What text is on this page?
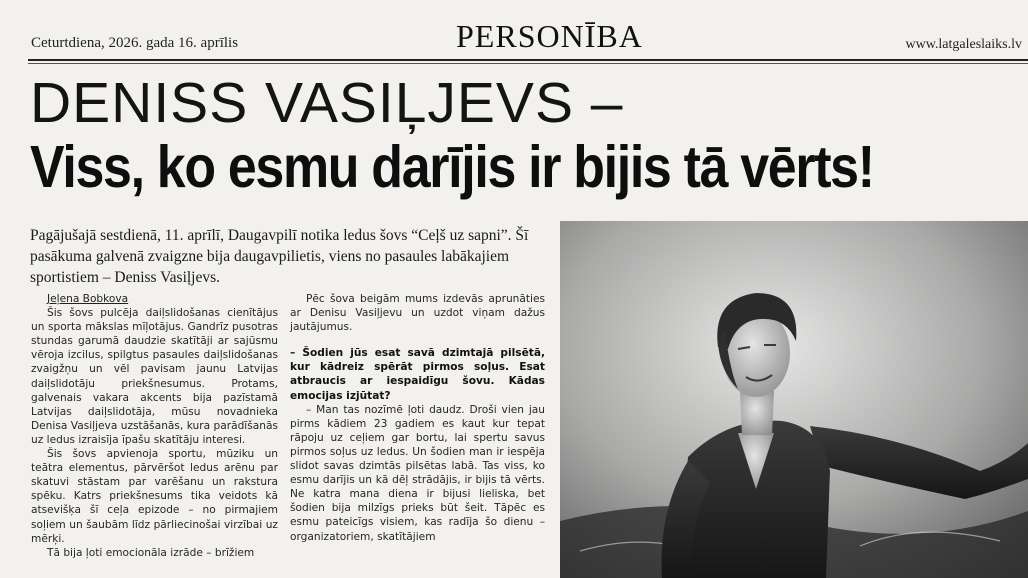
Ceturtdiena, 2026. gada 16. aprīlis	PERSONĪBA	www.latgaleslaiks.lv
DENISS VASIĻJEVS –
Viss, ko esmu darījis ir bijis tā vērts!
Pagājušajā sestdienā, 11. aprīlī, Daugavpilī notika ledus šovs “Ceļš uz sapni”. Šī pasākuma galvenā zvaigzne bija daugavpilietis, viens no pasaules labākajiem sportistiem – Deniss Vasiļjevs.
Jeļena Bobkova
Šis šovs pulcēja daiļslidošanas cienītājus un sporta mākslas mīļotājus. Gandrīz pusotras stundas garumā daudzie skatītāji ar sajūsmu vēroja izcilus, spilgtus pasaules daiļslidošanas zvaigžņu un vēl pavisam jaunu Latvijas daiļslidotāju priekšnesumus. Protams, galvenais vakara akcents bija pazīstamā Latvijas daiļslidotāja, mūsu novadnieka Denisa Vasiļjeva uzstāšanās, kura parādīšanās uz ledus izraisīja īpašu skatītāju interesi.
Šis šovs apvienoja sportu, mūziku un teātra elementus, pārvēršot ledus arēnu par skatuvi stāstam par varēšanu un rakstura spēku. Katrs priekšnesums tika veidots kā atsevišķa šī ceļa epizode – no pirmajiem soļiem un šaubām līdz pārliecinošai virzībai uz mērķi.
Tā bija ļoti emocionāla izrāde – brīžiem
Pēc šova beigām mums izdevās aprunāties ar Denisu Vasiļjevu un uzdot viņam dažus jautājumus.
– Šodien jūs esat savā dzimtajā pilsētā, kur kādreiz spērāt pirmos soļus. Esat atbraucis ar iespaidīgu šovu. Kādas emocijas izjūtat?
– Man tas nozīmē ļoti daudz. Droši vien jau pirms kādiem 23 gadiem es kaut kur tepat rāpoju uz ceļiem gar bortu, lai spertu savus pirmos soļus uz ledus. Un šodien man ir iespēja slidot savas dzimtās pilsētas labā. Tas viss, ko esmu darījis un kā dēļ strādājis, ir bijis tā vērts. Ne katra mana diena ir bijusi lieliska, bet šodien bija milzīgs prieks būt šeit. Tāpēc es esmu pateicīgs visiem, kas radīja šo dienu – organizatoriem, skatītājiem
